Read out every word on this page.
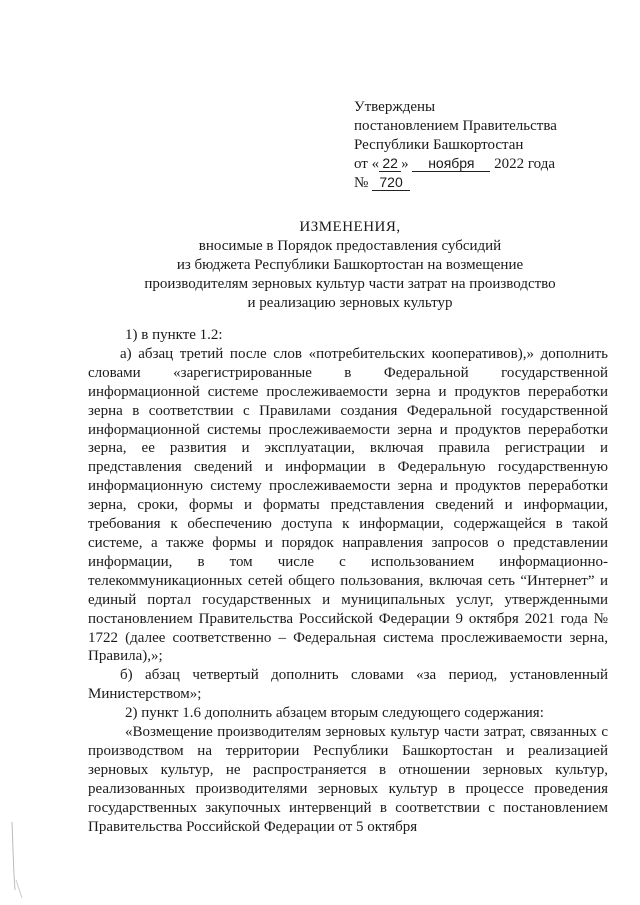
Утверждены
постановлением Правительства
Республики Башкортостан
от « 22 » ноября 2022 года
№ 720
ИЗМЕНЕНИЯ,
вносимые в Порядок предоставления субсидий
из бюджета Республики Башкортостан на возмещение
производителям зерновых культур части затрат на производство
и реализацию зерновых культур
1) в пункте 1.2:
а) абзац третий после слов «потребительских кооперативов),» дополнить словами «зарегистрированные в Федеральной государственной информационной системе прослеживаемости зерна и продуктов переработки зерна в соответствии с Правилами создания Федеральной государственной информационной системы прослеживаемости зерна и продуктов переработки зерна, ее развития и эксплуатации, включая правила регистрации и представления сведений и информации в Федеральную государственную информационную систему прослеживаемости зерна и продуктов переработки зерна, сроки, формы и форматы представления сведений и информации, требования к обеспечению доступа к информации, содержащейся в такой системе, а также формы и порядок направления запросов о представлении информации, в том числе с использованием информационно-телекоммуникационных сетей общего пользования, включая сеть “Интернет” и единый портал государственных и муниципальных услуг, утвержденными постановлением Правительства Российской Федерации 9 октября 2021 года № 1722 (далее соответственно – Федеральная система прослеживаемости зерна, Правила),»;
б) абзац четвертый дополнить словами «за период, установленный Министерством»;
2) пункт 1.6 дополнить абзацем вторым следующего содержания:
«Возмещение производителям зерновых культур части затрат, связанных с производством на территории Республики Башкортостан и реализацией зерновых культур, не распространяется в отношении зерновых культур, реализованных производителями зерновых культур в процессе проведения государственных закупочных интервенций в соответствии с постановлением Правительства Российской Федерации от 5 октября
